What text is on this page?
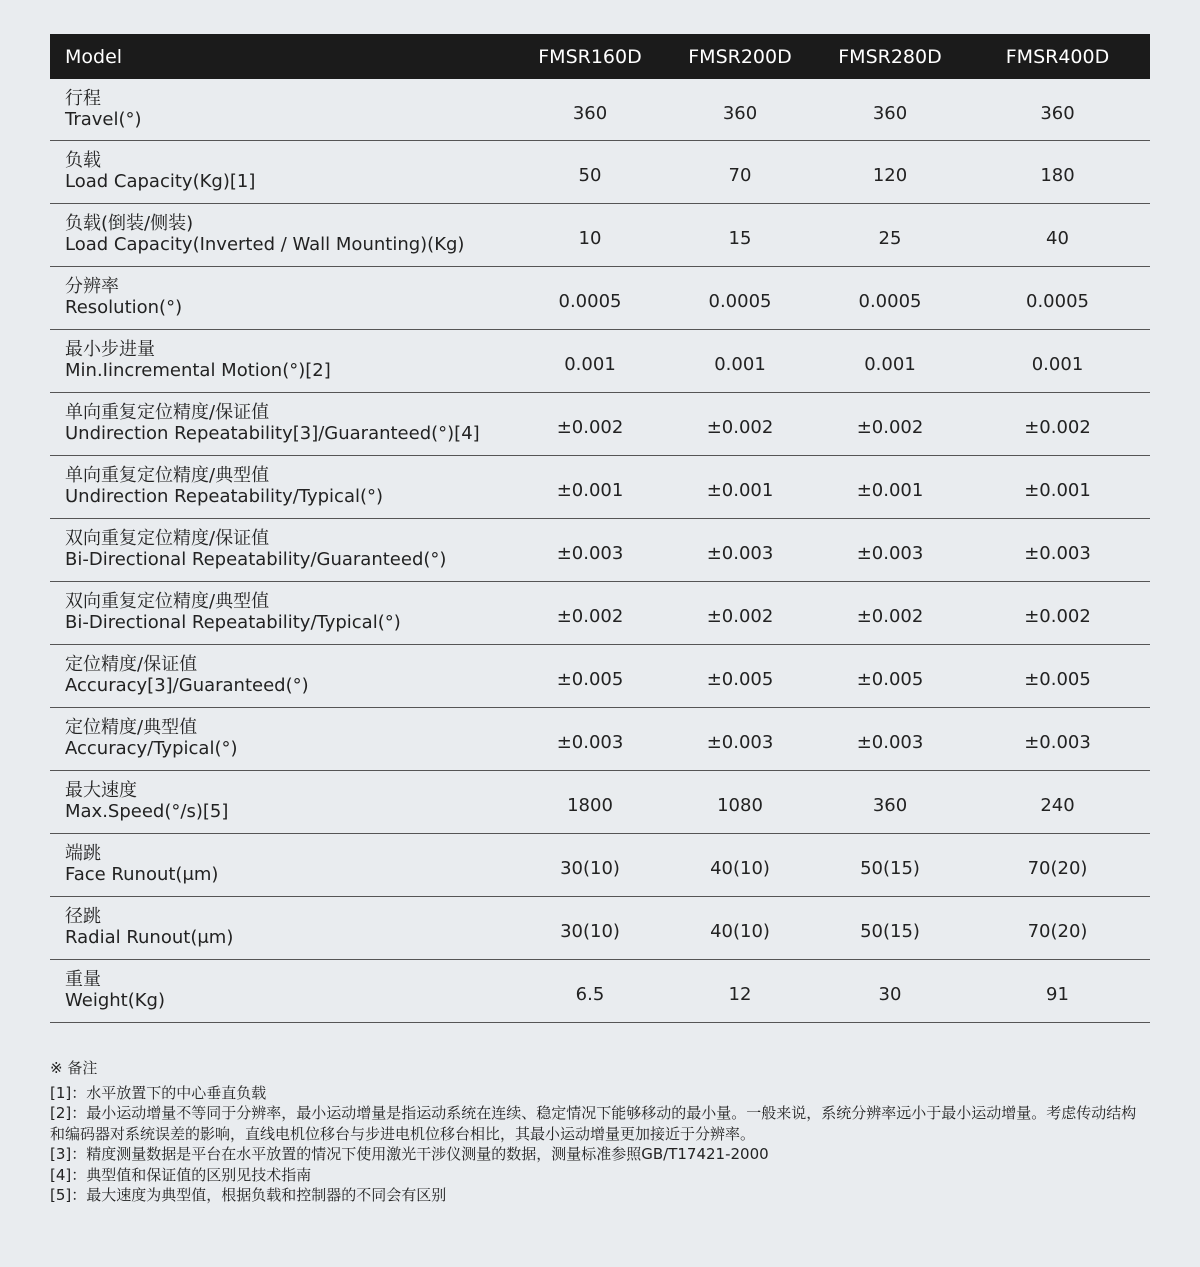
Model	FMSR160D	FMSR200D	FMSR280D	FMSR400D

行程
Travel(°)	360	360	360	360

负载
Load Capacity(Kg)[1]	50	70	120	180

负载(倒装/侧装)
Load Capacity(Inverted / Wall Mounting)(Kg)	10	15	25	40

分辨率
Resolution(°)	0.0005	0.0005	0.0005	0.0005

最小步进量
Min.Iincremental Motion(°)[2]	0.001	0.001	0.001	0.001

单向重复定位精度/保证值
Undirection Repeatability[3]/Guaranteed(°)[4]	±0.002	±0.002	±0.002	±0.002

单向重复定位精度/典型值
Undirection Repeatability/Typical(°)	±0.001	±0.001	±0.001	±0.001

双向重复定位精度/保证值
Bi-Directional Repeatability/Guaranteed(°)	±0.003	±0.003	±0.003	±0.003

双向重复定位精度/典型值
Bi-Directional Repeatability/Typical(°)	±0.002	±0.002	±0.002	±0.002

定位精度/保证值
Accuracy[3]/Guaranteed(°)	±0.005	±0.005	±0.005	±0.005

定位精度/典型值
Accuracy/Typical(°)	±0.003	±0.003	±0.003	±0.003

最大速度
Max.Speed(°/s)[5]	1800	1080	360	240

端跳
Face Runout(μm)	30(10)	40(10)	50(15)	70(20)

径跳
Radial Runout(μm)	30(10)	40(10)	50(15)	70(20)

重量
Weight(Kg)	6.5	12	30	91
※ 备注
[1]：水平放置下的中心垂直负载
[2]：最小运动增量不等同于分辨率，最小运动增量是指运动系统在连续、稳定情况下能够移动的最小量。一般来说，系统分辨率远小于最小运动增量。考虑传动结构和编码器对系统误差的影响，直线电机位移台与步进电机位移台相比，其最小运动增量更加接近于分辨率。
[3]：精度测量数据是平台在水平放置的情况下使用激光干涉仪测量的数据，测量标准参照GB/T17421-2000
[4]：典型值和保证值的区别见技术指南
[5]：最大速度为典型值，根据负载和控制器的不同会有区别
